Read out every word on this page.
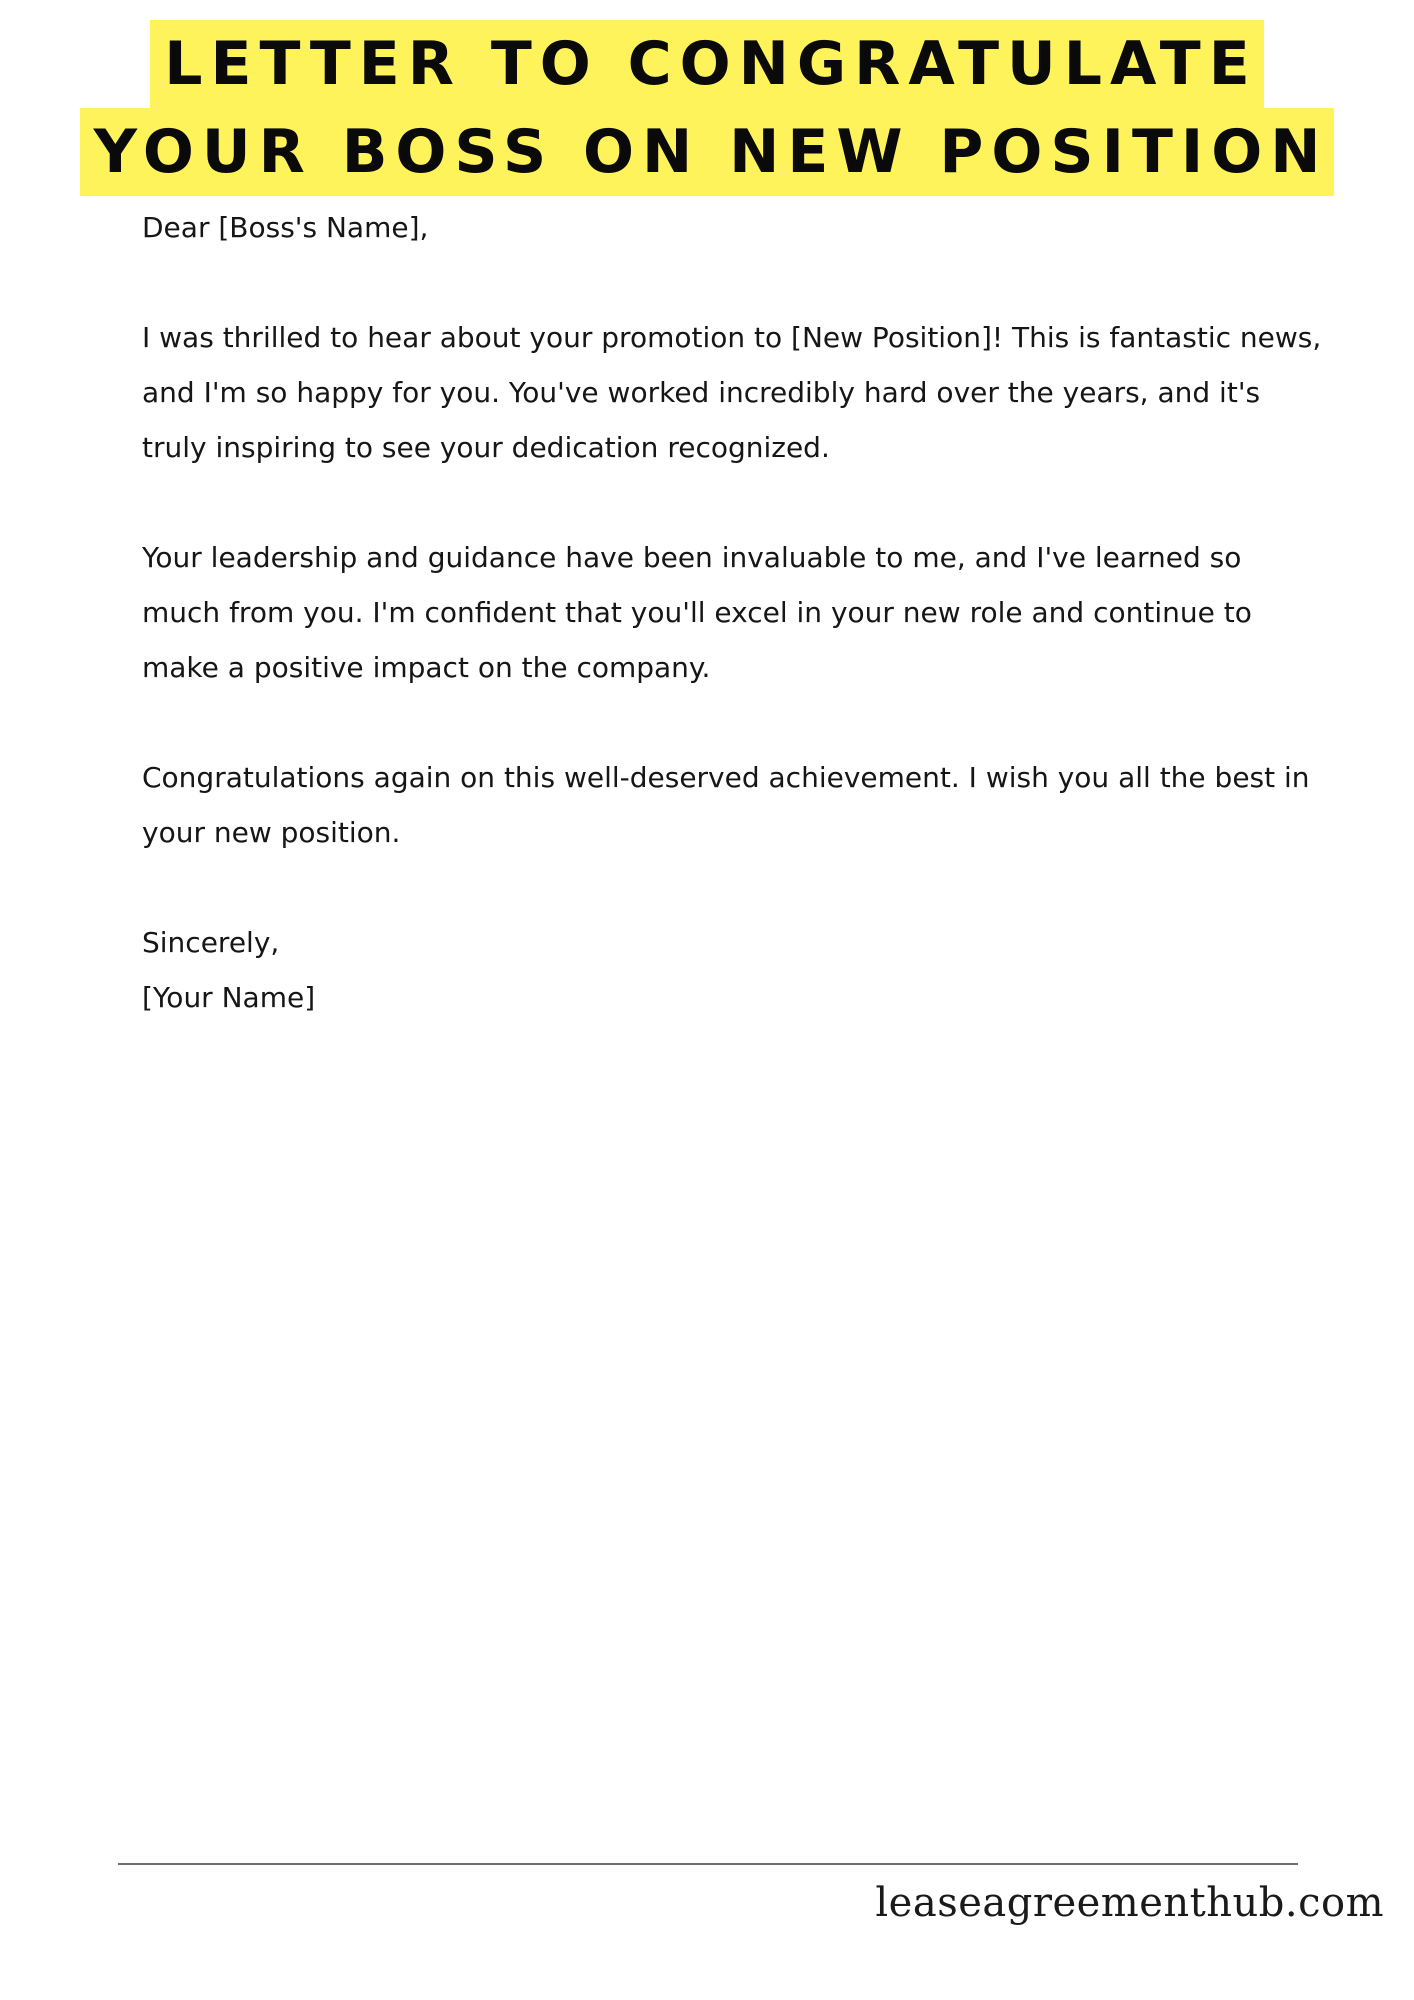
LETTER TO CONGRATULATE
YOUR BOSS ON NEW POSITION

Dear [Boss's Name],

I was thrilled to hear about your promotion to [New Position]! This is fantastic news, and I'm so happy for you. You've worked incredibly hard over the years, and it's truly inspiring to see your dedication recognized.

Your leadership and guidance have been invaluable to me, and I've learned so much from you. I'm confident that you'll excel in your new role and continue to make a positive impact on the company.

Congratulations again on this well-deserved achievement. I wish you all the best in your new position.

Sincerely,

[Your Name]

leaseagreementhub.com
